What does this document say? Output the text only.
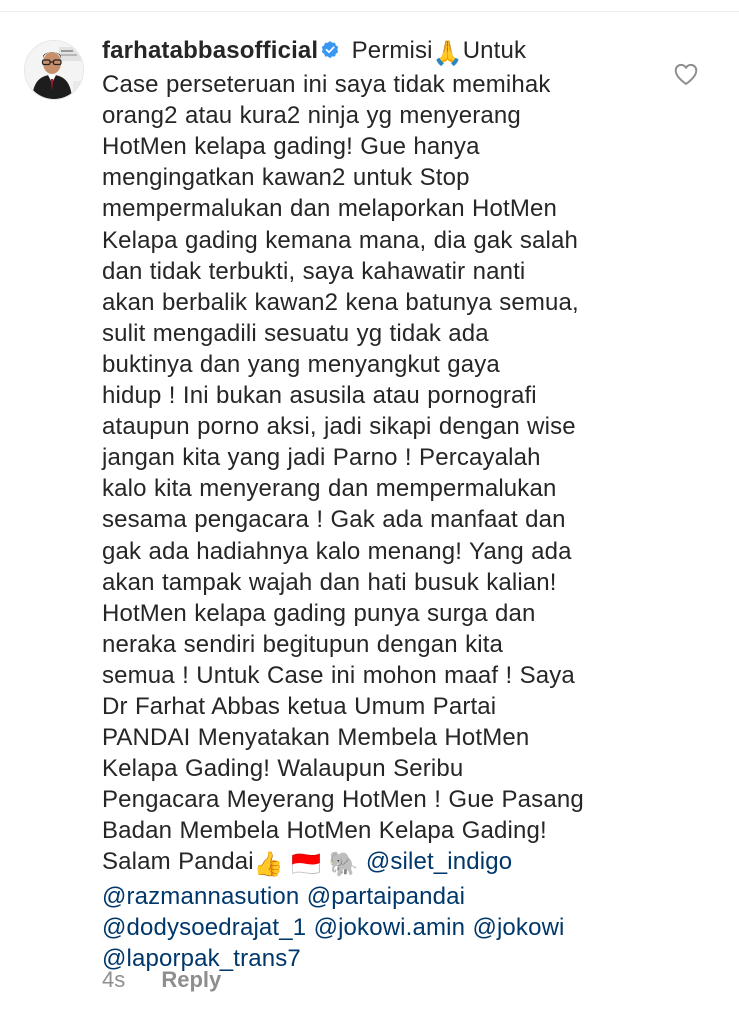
farhatabbasofficial Permisi🙏Untuk
Case perseteruan ini saya tidak memihak
orang2 atau kura2 ninja yg menyerang
HotMen kelapa gading! Gue hanya
mengingatkan kawan2 untuk Stop
mempermalukan dan melaporkan HotMen
Kelapa gading kemana mana, dia gak salah
dan tidak terbukti, saya kahawatir nanti
akan berbalik kawan2 kena batunya semua,
sulit mengadili sesuatu yg tidak ada
buktinya dan yang menyangkut gaya
hidup ! Ini bukan asusila atau pornografi
ataupun porno aksi, jadi sikapi dengan wise
jangan kita yang jadi Parno ! Percayalah
kalo kita menyerang dan mempermalukan
sesama pengacara ! Gak ada manfaat dan
gak ada hadiahnya kalo menang! Yang ada
akan tampak wajah dan hati busuk kalian!
HotMen kelapa gading punya surga dan
neraka sendiri begitupun dengan kita
semua ! Untuk Case ini mohon maaf ! Saya
Dr Farhat Abbas ketua Umum Partai
PANDAI Menyatakan Membela HotMen
Kelapa Gading! Walaupun Seribu
Pengacara Meyerang HotMen ! Gue Pasang
Badan Membela HotMen Kelapa Gading!
Salam Pandai👍 🇮🇩 🐘 @silet_indigo
@razmannasution @partaipandai
@dodysoedrajat_1 @jokowi.amin @jokowi
@laporpak_trans7
4s Reply
